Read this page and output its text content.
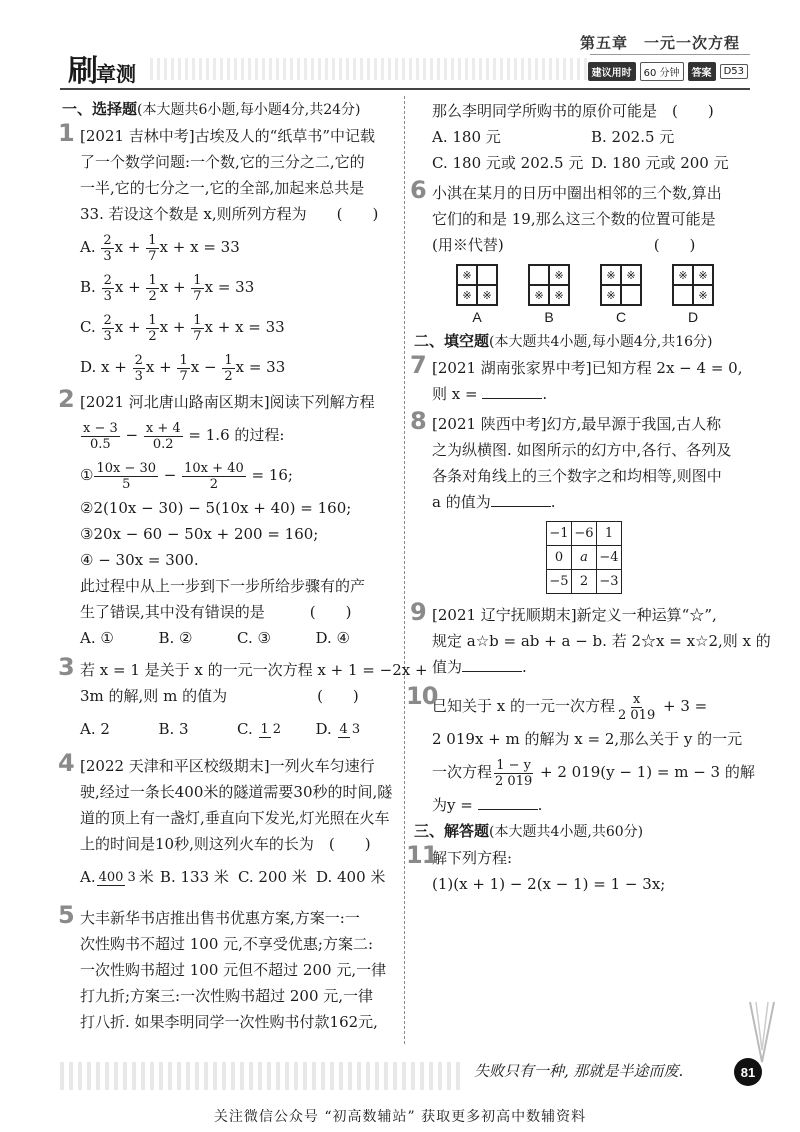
刷章测
第五章　一元一次方程
建议用时	60 分钟	答案	D53
一、选择题(本大题共6小题,每小题4分,共24分)
1 [2021 吉林中考]古埃及人的“纸草书”中记载
了一个数学问题:一个数,它的三分之二,它的
一半,它的七分之一,它的全部,加起来总共是
33. 若设这个数是 x,则所列方程为　　(　　)
A. $\frac{2}{3}$ $x + \frac{1}{7}$ x + x = 33
B. $\frac{2}{3}$ $x + \frac{1}{2}$ $x + \frac{1}{7}$ x = 33
C. $\frac{2}{3}$ $x + \frac{1}{2}$ $x + \frac{1}{7}$ x + x = 33
D. $x + \frac{2}{3}$ $x + \frac{1}{7}$ $x - \frac{1}{2}$ x = 33
2 [2021 河北唐山路南区期末]阅读下列解方程
$\frac{x - 3}{0.5} - \frac{x + 4}{0.2} = 1.6$ 的过程:
① $\frac{10x - 30}{5} - \frac{10x + 40}{2} = 16$;
②2(10x − 30) − 5(10x + 40) = 160;
③20x − 60 − 50x + 200 = 160;
④ − 30x = 300.
此过程中从上一步到下一步所给步骤有的产
生了错误,其中没有错误的是　　　(　　)
A. ①	B. ②	C. ③	D. ④
3 若 x = 1 是关于 x 的一元一次方程 x + 1 = −2x +
3m 的解,则 m 的值为　　　　　　(　　)
A. 2	B. 3	C. 1 2	D. 4 3
4 [2022 天津和平区校级期末]一列火车匀速行
驶,经过一条长400米的隧道需要30秒的时间,隧
道的顶上有一盏灯,垂直向下发光,灯光照在火车
上的时间是10秒,则这列火车的长为　(　　)
A. 400 3 米 B. 133 米 C. 200 米 D. 400 米
5 大丰新华书店推出售书优惠方案,方案一:一
次性购书不超过 100 元,不享受优惠;方案二:
一次性购书超过 100 元但不超过 200 元,一律
打九折;方案三:一次性购书超过 200 元,一律
打八折. 如果李明同学一次性购书付款162元,
那么李明同学所购书的原价可能是　(　　)
A. 180 元	B. 202.5 元
C. 180 元或 202.5 元 D. 180 元或 200 元
6 小淇在某月的日历中圈出相邻的三个数,算出
它们的和是 19,那么这三个数的位置可能是
(用※代替)　　　　　　　　　　(　　)
※
※ ※
A
※
※ ※
B
※ ※
※
C
※ ※
※
D
二、填空题(本大题共4小题,每小题4分,共16分)
7 [2021 湖南张家界中考]已知方程 2x − 4 = 0,
则 x =	.
8 [2021 陕西中考]幻方,最早源于我国,古人称
之为纵横图. 如图所示的幻方中,各行、各列及
各条对角线上的三个数字之和均相等,则图中
a 的值为	.
−1	−6	1
0	a	−4
−5	2	−3
9 [2021 辽宁抚顺期末]新定义一种运算“☆”,
规定 a☆b = ab + a − b. 若 2☆x = x☆2,则 x 的
值为	.
10
已知关于 x 的一元一次方程 $\frac{x}{2 019} + 3$ =
2 019x + m 的解为 x = 2,那么关于 y 的一元
一次方程 $\frac{1 - y}{2 019} + 2$ 019(y − 1) = m − 3 的解
为y =	.
三、解答题(本大题共4小题,共60分)
11
解下列方程:
(1)(x + 1) − 2(x − 1) = 1 − 3x;
失败只有一种, 那就是半途而废.	81
关注微信公众号 “初高数辅站” 获取更多初高中数辅资料
